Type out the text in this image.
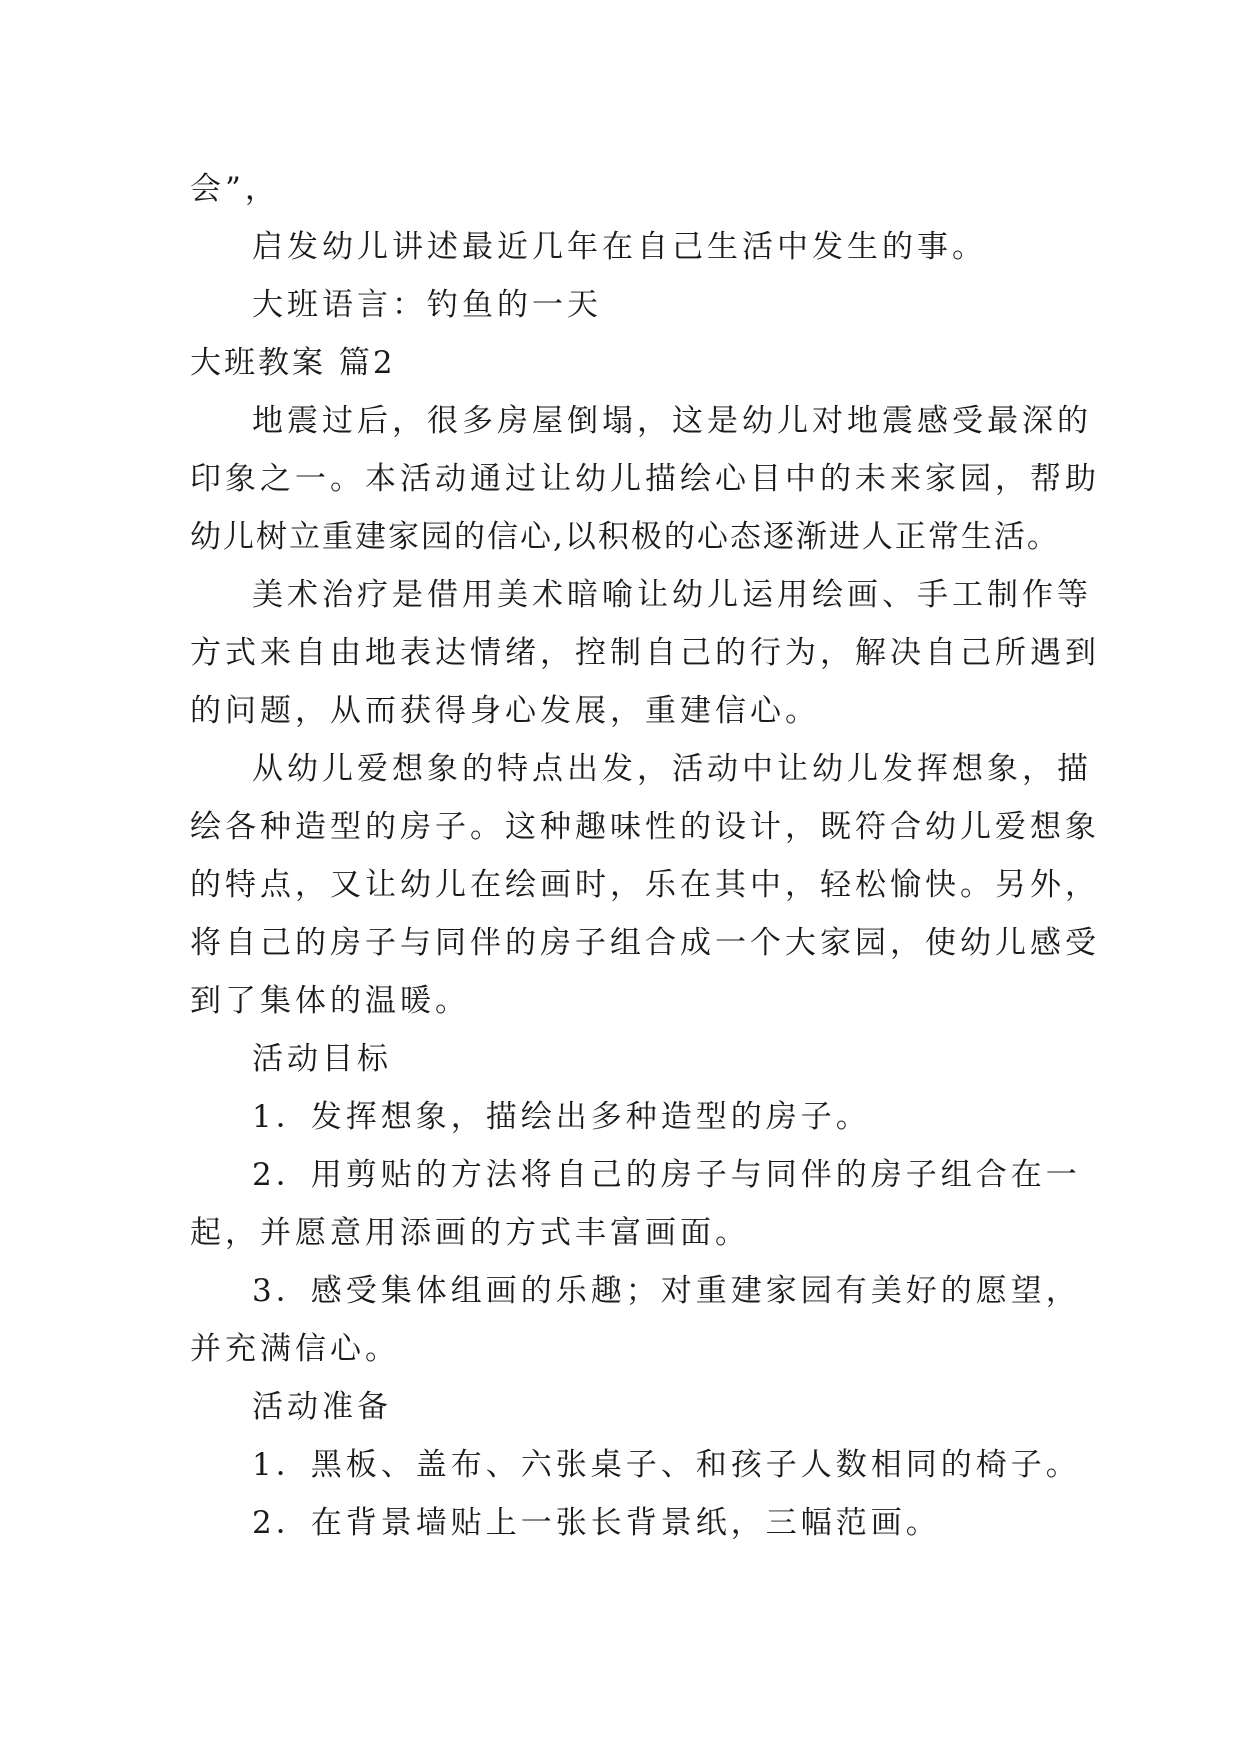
会”，
启发幼儿讲述最近几年在自己生活中发生的事。
大班语言：钓鱼的一天
大班教案 篇2
地震过后，很多房屋倒塌，这是幼儿对地震感受最深的
印象之一。本活动通过让幼儿描绘心目中的未来家园，帮助
幼儿树立重建家园的信心,以积极的心态逐渐进人正常生活。
美术治疗是借用美术暗喻让幼儿运用绘画、手工制作等
方式来自由地表达情绪，控制自己的行为，解决自己所遇到
的问题，从而获得身心发展，重建信心。
从幼儿爱想象的特点出发，活动中让幼儿发挥想象，描
绘各种造型的房子。这种趣味性的设计，既符合幼儿爱想象
的特点，又让幼儿在绘画时，乐在其中，轻松愉快。另外，
将自己的房子与同伴的房子组合成一个大家园，使幼儿感受
到了集体的温暖。
活动目标
1．发挥想象，描绘出多种造型的房子。
2．用剪贴的方法将自己的房子与同伴的房子组合在一
起，并愿意用添画的方式丰富画面。
3．感受集体组画的乐趣；对重建家园有美好的愿望，
并充满信心。
活动准备
1．黑板、盖布、六张桌子、和孩子人数相同的椅子。
2．在背景墙贴上一张长背景纸，三幅范画。
